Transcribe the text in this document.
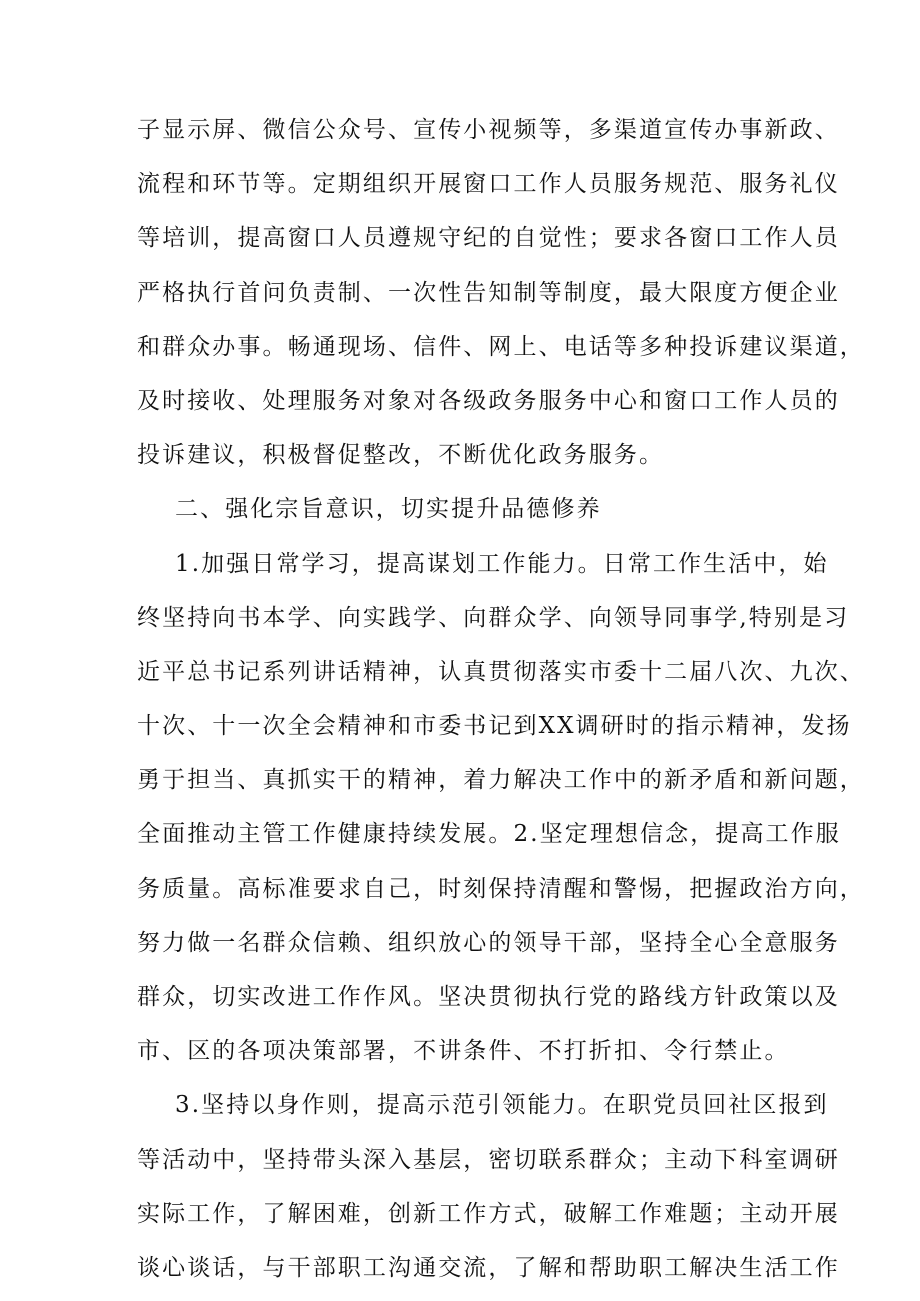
子显示屏、微信公众号、宣传小视频等，多渠道宣传办事新政、
流程和环节等。定期组织开展窗口工作人员服务规范、服务礼仪
等培训，提高窗口人员遵规守纪的自觉性；要求各窗口工作人员
严格执行首问负责制、一次性告知制等制度，最大限度方便企业
和群众办事。畅通现场、信件、网上、电话等多种投诉建议渠道，
及时接收、处理服务对象对各级政务服务中心和窗口工作人员的
投诉建议，积极督促整改，不断优化政务服务。
二、强化宗旨意识，切实提升品德修养
1.加强日常学习，提高谋划工作能力。日常工作生活中，始
终坚持向书本学、向实践学、向群众学、向领导同事学,特别是习
近平总书记系列讲话精神，认真贯彻落实市委十二届八次、九次、
十次、十一次全会精神和市委书记到XX调研时的指示精神，发扬
勇于担当、真抓实干的精神，着力解决工作中的新矛盾和新问题，
全面推动主管工作健康持续发展。2.坚定理想信念，提高工作服
务质量。高标准要求自己，时刻保持清醒和警惕，把握政治方向，
努力做一名群众信赖、组织放心的领导干部，坚持全心全意服务
群众，切实改进工作作风。坚决贯彻执行党的路线方针政策以及
市、区的各项决策部署，不讲条件、不打折扣、令行禁止。
3.坚持以身作则，提高示范引领能力。在职党员回社区报到
等活动中，坚持带头深入基层，密切联系群众；主动下科室调研
实际工作，了解困难，创新工作方式，破解工作难题；主动开展
谈心谈话，与干部职工沟通交流，了解和帮助职工解决生活工作
